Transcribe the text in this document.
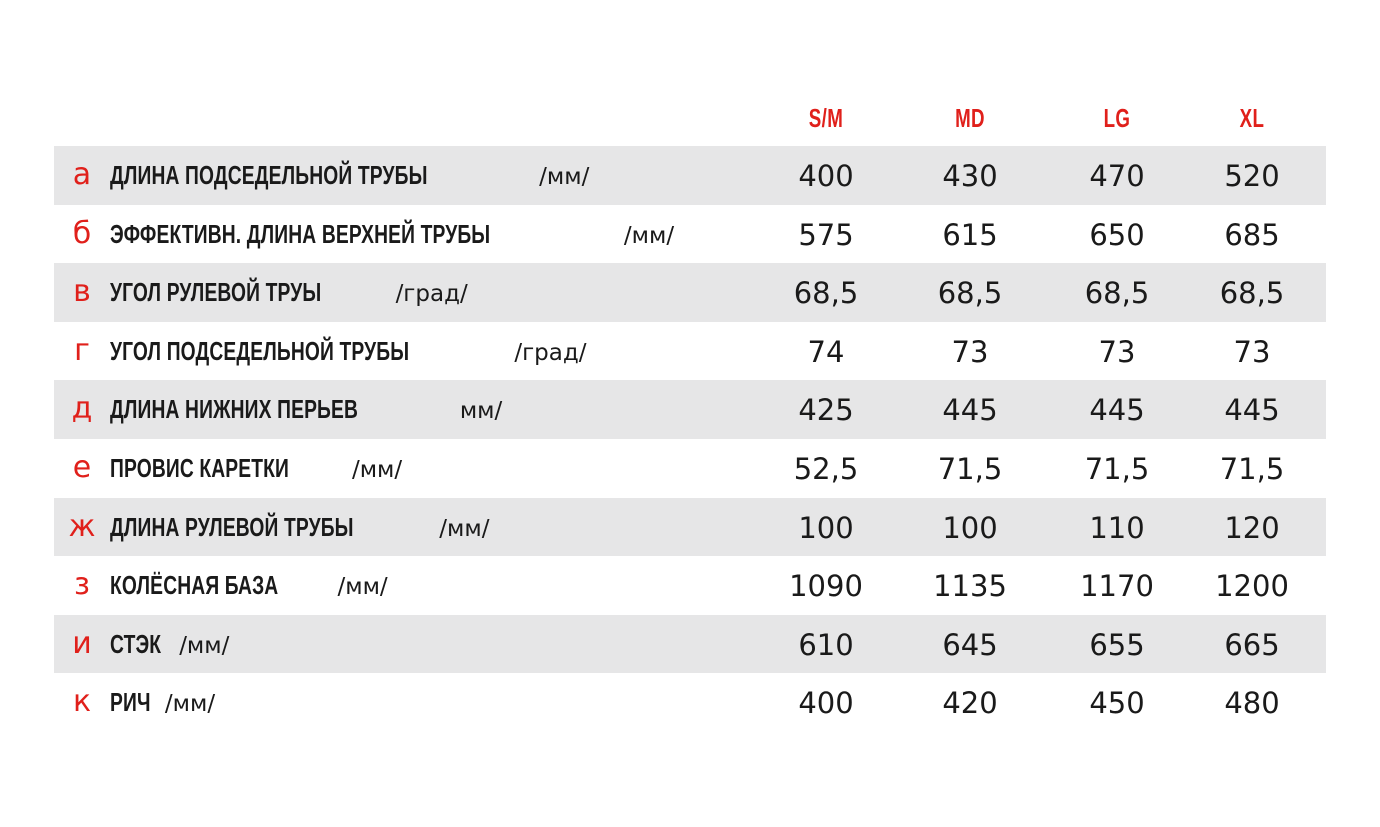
S/M	MD	LG	XL
а ДЛИНА ПОДСЕДЕЛЬНОЙ ТРУБЫ	/мм/	400	430	470	520
б ЭФФЕКТИВН. ДЛИНА ВЕРХНЕЙ ТРУБЫ	/мм/	575	615	650	685
в УГОЛ РУЛЕВОЙ ТРУЫ	/град/	68,5	68,5	68,5	68,5
г УГОЛ ПОДСЕДЕЛЬНОЙ ТРУБЫ	/град/	74	73	73	73
д ДЛИНА НИЖНИХ ПЕРЬЕВ	мм/	425	445	445	445
е ПРОВИС КАРЕТКИ	/мм/	52,5	71,5	71,5	71,5
ж ДЛИНА РУЛЕВОЙ ТРУБЫ	/мм/	100	100	110	120
з КОЛЁСНАЯ БАЗА	/мм/	1090	1135	1170	1200
и СТЭК/мм/	610	645	655	665
к РИЧ/мм/	400	420	450	480
